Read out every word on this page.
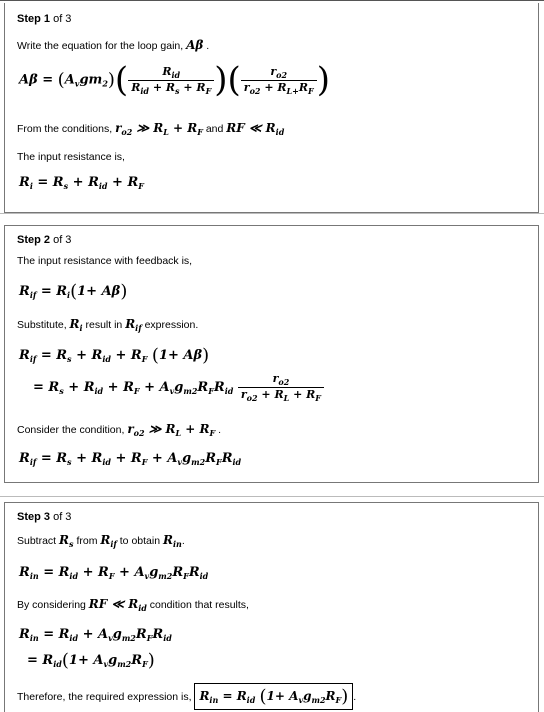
Step 1 of 3
Write the equation for the loop gain, Aβ .
$A\beta = (A_vgm_2)( \frac{R_{id}}{R_{id} + R_s + R_F}$ )( $\frac{r_{o2}}{r_{o2} + R_{L+}R_F}$ )
From the conditions, $r_{o2}$ ≫ $R_L + R_F$ and RF ≪ $R_{id}$
The input resistance is,
$R_i = R_s + R_{id} + R_F$
Step 2 of 3
The input resistance with feedback is,
$R_{if} = R_i(1+ A\beta)$
Substitute, $R_i$ result in $R_{if}$ expression.
$R_{if} = R_s + R_{id} + R_F$ (1+ Aβ)
= $R_s + R_{id} + R_F + A_vg_{m2}R_FR_{id} \frac{r_{o2}}{r_{o2} + R_L + R_F}$
Consider the condition, $r_{o2}$ ≫ $R_L + R_F$ .
$R_{if} = R_s + R_{id} + R_F + A_vg_{m2}R_FR_{id}$
Step 3 of 3
Subtract $R_s$ from $R_{if}$ to obtain $R_{in}$.
$R_{in} = R_{id} + R_F + A_vg_{m2}R_FR_{id}$
By considering RF ≪ $R_{id}$ condition that results,
$R_{in} = R_{id} + A_vg_{m2}R_FR_{id}$
= $R_{id}(1+ A_vg_{m2}R_F)$
Therefore, the required expression is, $R_{in} = R_{id}$ $(1+ A_vg_{m2}R_F)$ .
